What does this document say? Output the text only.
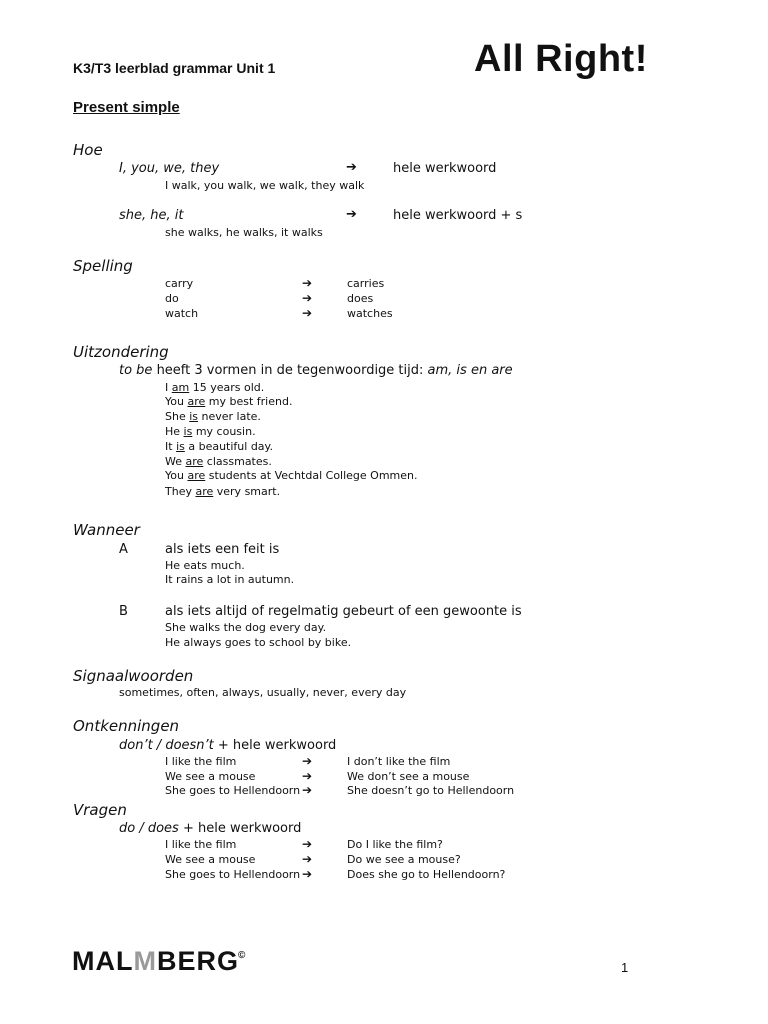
K3/T3 leerblad grammar Unit 1	All Right!
Present simple
Hoe
I, you, we, they	➔	hele werkwoord
I walk, you walk, we walk, they walk
she, he, it	➔	hele werkwoord + s
she walks, he walks, it walks
Spelling
carry	➔	carries
do	➔	does
watch	➔	watches
Uitzondering
to be heeft 3 vormen in de tegenwoordige tijd: am, is en are
I am 15 years old.
You are my best friend.
She is never late.
He is my cousin.
It is a beautiful day.
We are classmates.
You are students at Vechtdal College Ommen.
They are very smart.
Wanneer
A	als iets een feit is
He eats much.
It rains a lot in autumn.
B	als iets altijd of regelmatig gebeurt of een gewoonte is
She walks the dog every day.
He always goes to school by bike.
Signaalwoorden
sometimes, often, always, usually, never, every day
Ontkenningen
don’t / doesn’t + hele werkwoord
I like the film	➔	I don’t like the film
We see a mouse	➔	We don’t see a mouse
She goes to Hellendoorn ➔	She doesn’t go to Hellendoorn
Vragen
do / does + hele werkwoord
I like the film	➔	Do I like the film?
We see a mouse	➔	Do we see a mouse?
She goes to Hellendoorn ➔	Does she go to Hellendoorn?
MALMBERG ©
1
